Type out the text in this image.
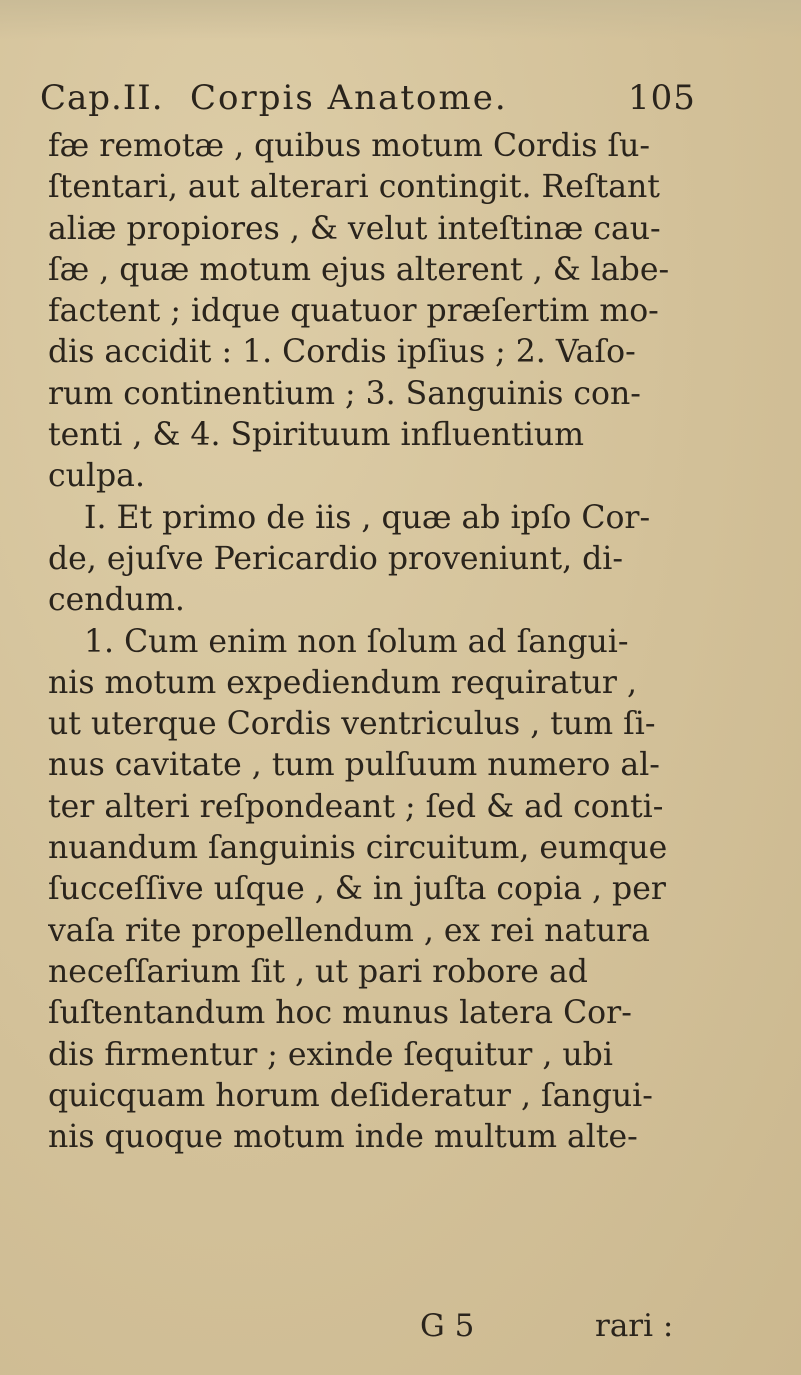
Cap.II. Corpis Anatome.	105
fæ remotæ , quibus motum Cordis ſu-
ſtentari, aut alterari contingit. Reſtant
aliæ propiores , & velut inteſtinæ cau-
ſæ , quæ motum ejus alterent , & labe-
factent ; idque quatuor præſertim mo-
dis accidit : 1. Cordis ipſius ; 2. Vaſo-
rum continentium ; 3. Sanguinis con-
tenti , & 4. Spirituum influentium
culpa.
I. Et primo de iis , quæ ab ipſo Cor-
de, ejuſve Pericardio proveniunt, di-
cendum.
1. Cum enim non ſolum ad ſangui-
nis motum expediendum requiratur ,
ut uterque Cordis ventriculus , tum ſi-
nus cavitate , tum pulſuum numero al-
ter alteri reſpondeant ; ſed & ad conti-
nuandum ſanguinis circuitum, eumque
ſucceſſive uſque , & in juſta copia , per
vaſa rite propellendum , ex rei natura
neceſſarium ſit , ut pari robore ad
ſuſtentandum hoc munus latera Cor-
dis firmentur ; exinde ſequitur , ubi
quicquam horum deſideratur , ſangui-
nis quoque motum inde multum alte-
G 5	rari :
